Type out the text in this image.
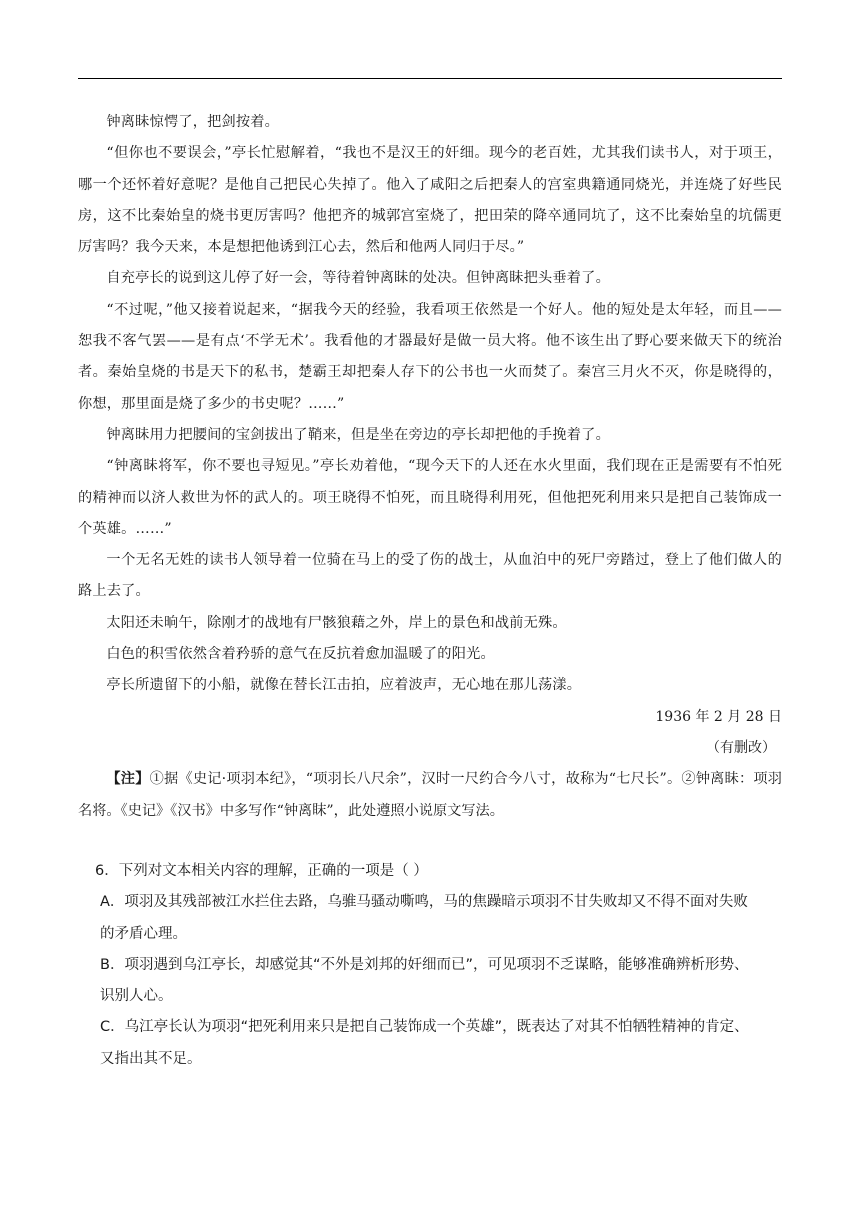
钟离眛惊愕了，把剑按着。

“但你也不要误会，”亭长忙慰解着，“我也不是汉王的奸细。现今的老百姓，尤其我们读书人，对于项王，哪一个还怀着好意呢？是他自己把民心失掉了。他入了咸阳之后把秦人的宫室典籍通同烧光，并连烧了好些民房，这不比秦始皇的烧书更厉害吗？他把齐的城郭宫室烧了，把田荣的降卒通同坑了，这不比秦始皇的坑儒更厉害吗？我今天来，本是想把他诱到江心去，然后和他两人同归于尽。”

自充亭长的说到这儿停了好一会，等待着钟离眛的处决。但钟离眛把头垂着了。

“不过呢，”他又接着说起来，“据我今天的经验，我看项王依然是一个好人。他的短处是太年轻，而且——恕我不客气罢——是有点‘不学无术’。我看他的才器最好是做一员大将。他不该生出了野心要来做天下的统治者。秦始皇烧的书是天下的私书，楚霸王却把秦人存下的公书也一火而焚了。秦宫三月火不灭，你是晓得的，你想，那里面是烧了多少的书史呢？……”

钟离眛用力把腰间的宝剑拔出了鞘来，但是坐在旁边的亭长却把他的手挽着了。

“钟离眛将军，你不要也寻短见。”亭长劝着他，“现今天下的人还在水火里面，我们现在正是需要有不怕死的精神而以济人救世为怀的武人的。项王晓得不怕死，而且晓得利用死，但他把死利用来只是把自己装饰成一个英雄。……”

一个无名无姓的读书人领导着一位骑在马上的受了伤的战士，从血泊中的死尸旁踏过，登上了他们做人的路上去了。

太阳还未晌午，除刚才的战地有尸骸狼藉之外，岸上的景色和战前无殊。

白色的积雪依然含着矜骄的意气在反抗着愈加温暖了的阳光。

亭长所遗留下的小船，就像在替长江击拍，应着波声，无心地在那儿荡漾。

1936 年 2 月 28 日

（有删改）

【注】①据《史记·项羽本纪》，“项羽长八尺余”，汉时一尺约合今八寸，故称为“七尺长”。②钟离眛：项羽名将。《史记》《汉书》中多写作“钟离眜”，此处遵照小说原文写法。

6．下列对文本相关内容的理解，正确的一项是（ ）

A．项羽及其残部被江水拦住去路，乌骓马骚动嘶鸣，马的焦躁暗示项羽不甘失败却又不得不面对失败
的矛盾心理。

B．项羽遇到乌江亭长，却感觉其“不外是刘邦的奸细而已”，可见项羽不乏谋略，能够准确辨析形势、
识别人心。

C．乌江亭长认为项羽“把死利用来只是把自己装饰成一个英雄”，既表达了对其不怕牺牲精神的肯定、
又指出其不足。
